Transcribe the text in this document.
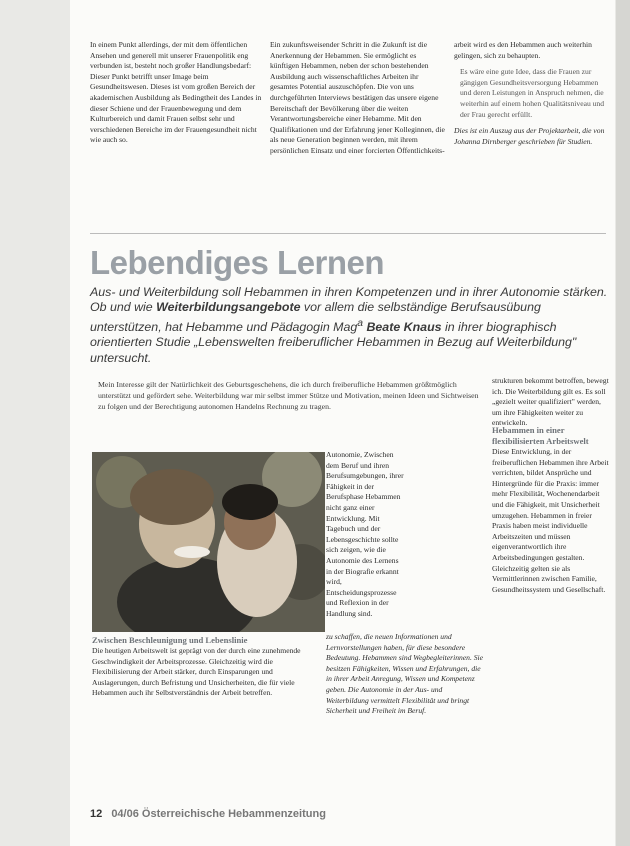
In einem Punkt allerdings, der mit dem öffentlichen Ansehen und generell mit unserer Frauenpolitik eng verbunden ist, besteht noch großer Handlungsbedarf: Dieser Punkt betrifft unser Image beim Gesundheitswesen. Dieses ist vom großen Bereich der akademischen Ausbildung als Bedingtheit des Landes in dieser Schiene und der Frauenbewegung und dem Kulturbereich und damit Frauen selbst sehr und verschiedenen Bereiche im der Frauengesundheit nicht wie auch so.
Ein zukunftsweisender Schritt in die Zukunft ist die Anerkennung der Hebammen. Sie ermöglicht es künftigen Hebammen, neben der schon bestehenden Ausbildung auch wissenschaftliches Arbeiten ihr gesamtes Potential auszuschöpfen. Die von uns durchgeführten Interviews bestätigen das unsere eigene Bereitschaft der Bevölkerung über die weiten Verantwortungsbereiche einer Hebamme. Mit den Qualifikationen und der Erfahrung jener Kolleginnen, die als neue Generation beginnen werden, mit ihrem persönlichen Einsatz und einer forcierten Öffentlichkeits-

arbeit wird es den Hebammen auch weiterhin gelingen, sich zu behaupten.

Es wäre eine gute Idee, dass die Frauen zur gängigen Gesundheitsversorgung Hebammen und deren Leistungen in Anspruch nehmen, die weiterhin auf einem hohen Qualitätsniveau und der Frau gerecht erfüllt.

Dies ist ein Auszug aus der Projektarbeit, die von Johanna Dirnberger geschrieben für Studien.

Lebendiges Lernen
Aus- und Weiterbildung soll Hebammen in ihren Kompetenzen und in ihrer Autonomie stärken. Ob und wie Weiterbildungsangebote vor allem die selbständige Berufsausübung unterstützen, hat Hebamme und Pädagogin Mag$^a$ Beate Knaus in ihrer biographisch orientierten Studie „Lebenswelten freiberuflicher Hebammen in Bezug auf Weiterbildung" untersucht.
Mein Interesse gilt der Natürlichkeit des Geburtsgeschehens, die ich durch freiberufliche Hebammen größtmöglich unterstützt und gefördert sehe. Weiterbildung war mir selbst immer Stütze und Motivation, meinen Ideen und Sichtweisen zu folgen und der Berechtigung autonomen Handelns Rechnung zu tragen.
strukturen bekommt betroffen, bewegt ich. Die Weiterbildung gilt es. Es soll „gezielt weiter qualifiziert" werden, um ihre Fähigkeiten weiter zu entwickeln.
Autonomie, Zwischen dem Beruf und ihren Berufsumgebungen, ihrer Fähigkeit in der Berufsphase Hebammen nicht ganz einer Entwicklung. Mit Tagebuch und der Lebensgeschichte sollte sich zeigen, wie die Autonomie des Lernens in der Biografie erkannt wird, Entscheidungsprozesse und Reflexion in der Handlung sind.
Zwischen Beschleunigung und Lebenslinie
Die heutigen Arbeitswelt ist geprägt von der durch eine zunehmende Geschwindigkeit der Arbeitsprozesse. Gleichzeitig wird die Flexibilisierung der Arbeit stärker, durch Einsparungen und Auslagerungen, durch Befristung und Unsicherheiten, die für viele Hebammen auch ihr Selbstverständnis der Arbeit betreffen.
zu schaffen, die neuen Informationen und Lernvorstellungen haben, für diese besondere Bedeutung. Hebammen sind Wegbegleiterinnen. Sie besitzen Fähigkeiten, Wissen und Erfahrungen, die in ihrer Arbeit Anregung, Wissen und Kompetenz geben. Die Autonomie in der Aus- und Weiterbildung vermittelt Flexibilität und bringt Sicherheit und Freiheit im Beruf.
Hebammen in einer flexibilisierten Arbeitswelt
Diese Entwicklung, in der freiberuflichen Hebammen ihre Arbeit verrichten, bildet Ansprüche und Hintergründe für die Praxis: immer mehr Flexibilität, Wochenendarbeit und die Fähigkeit, mit Unsicherheit umzugehen. Hebammen in freier Praxis haben meist individuelle Arbeitszeiten und müssen eigenverantwortlich ihre Arbeitsbedingungen gestalten. Gleichzeitig gelten sie als Vermittlerinnen zwischen Familie, Gesundheitssystem und Gesellschaft.
12 04/06 Österreichische Hebammenzeitung
